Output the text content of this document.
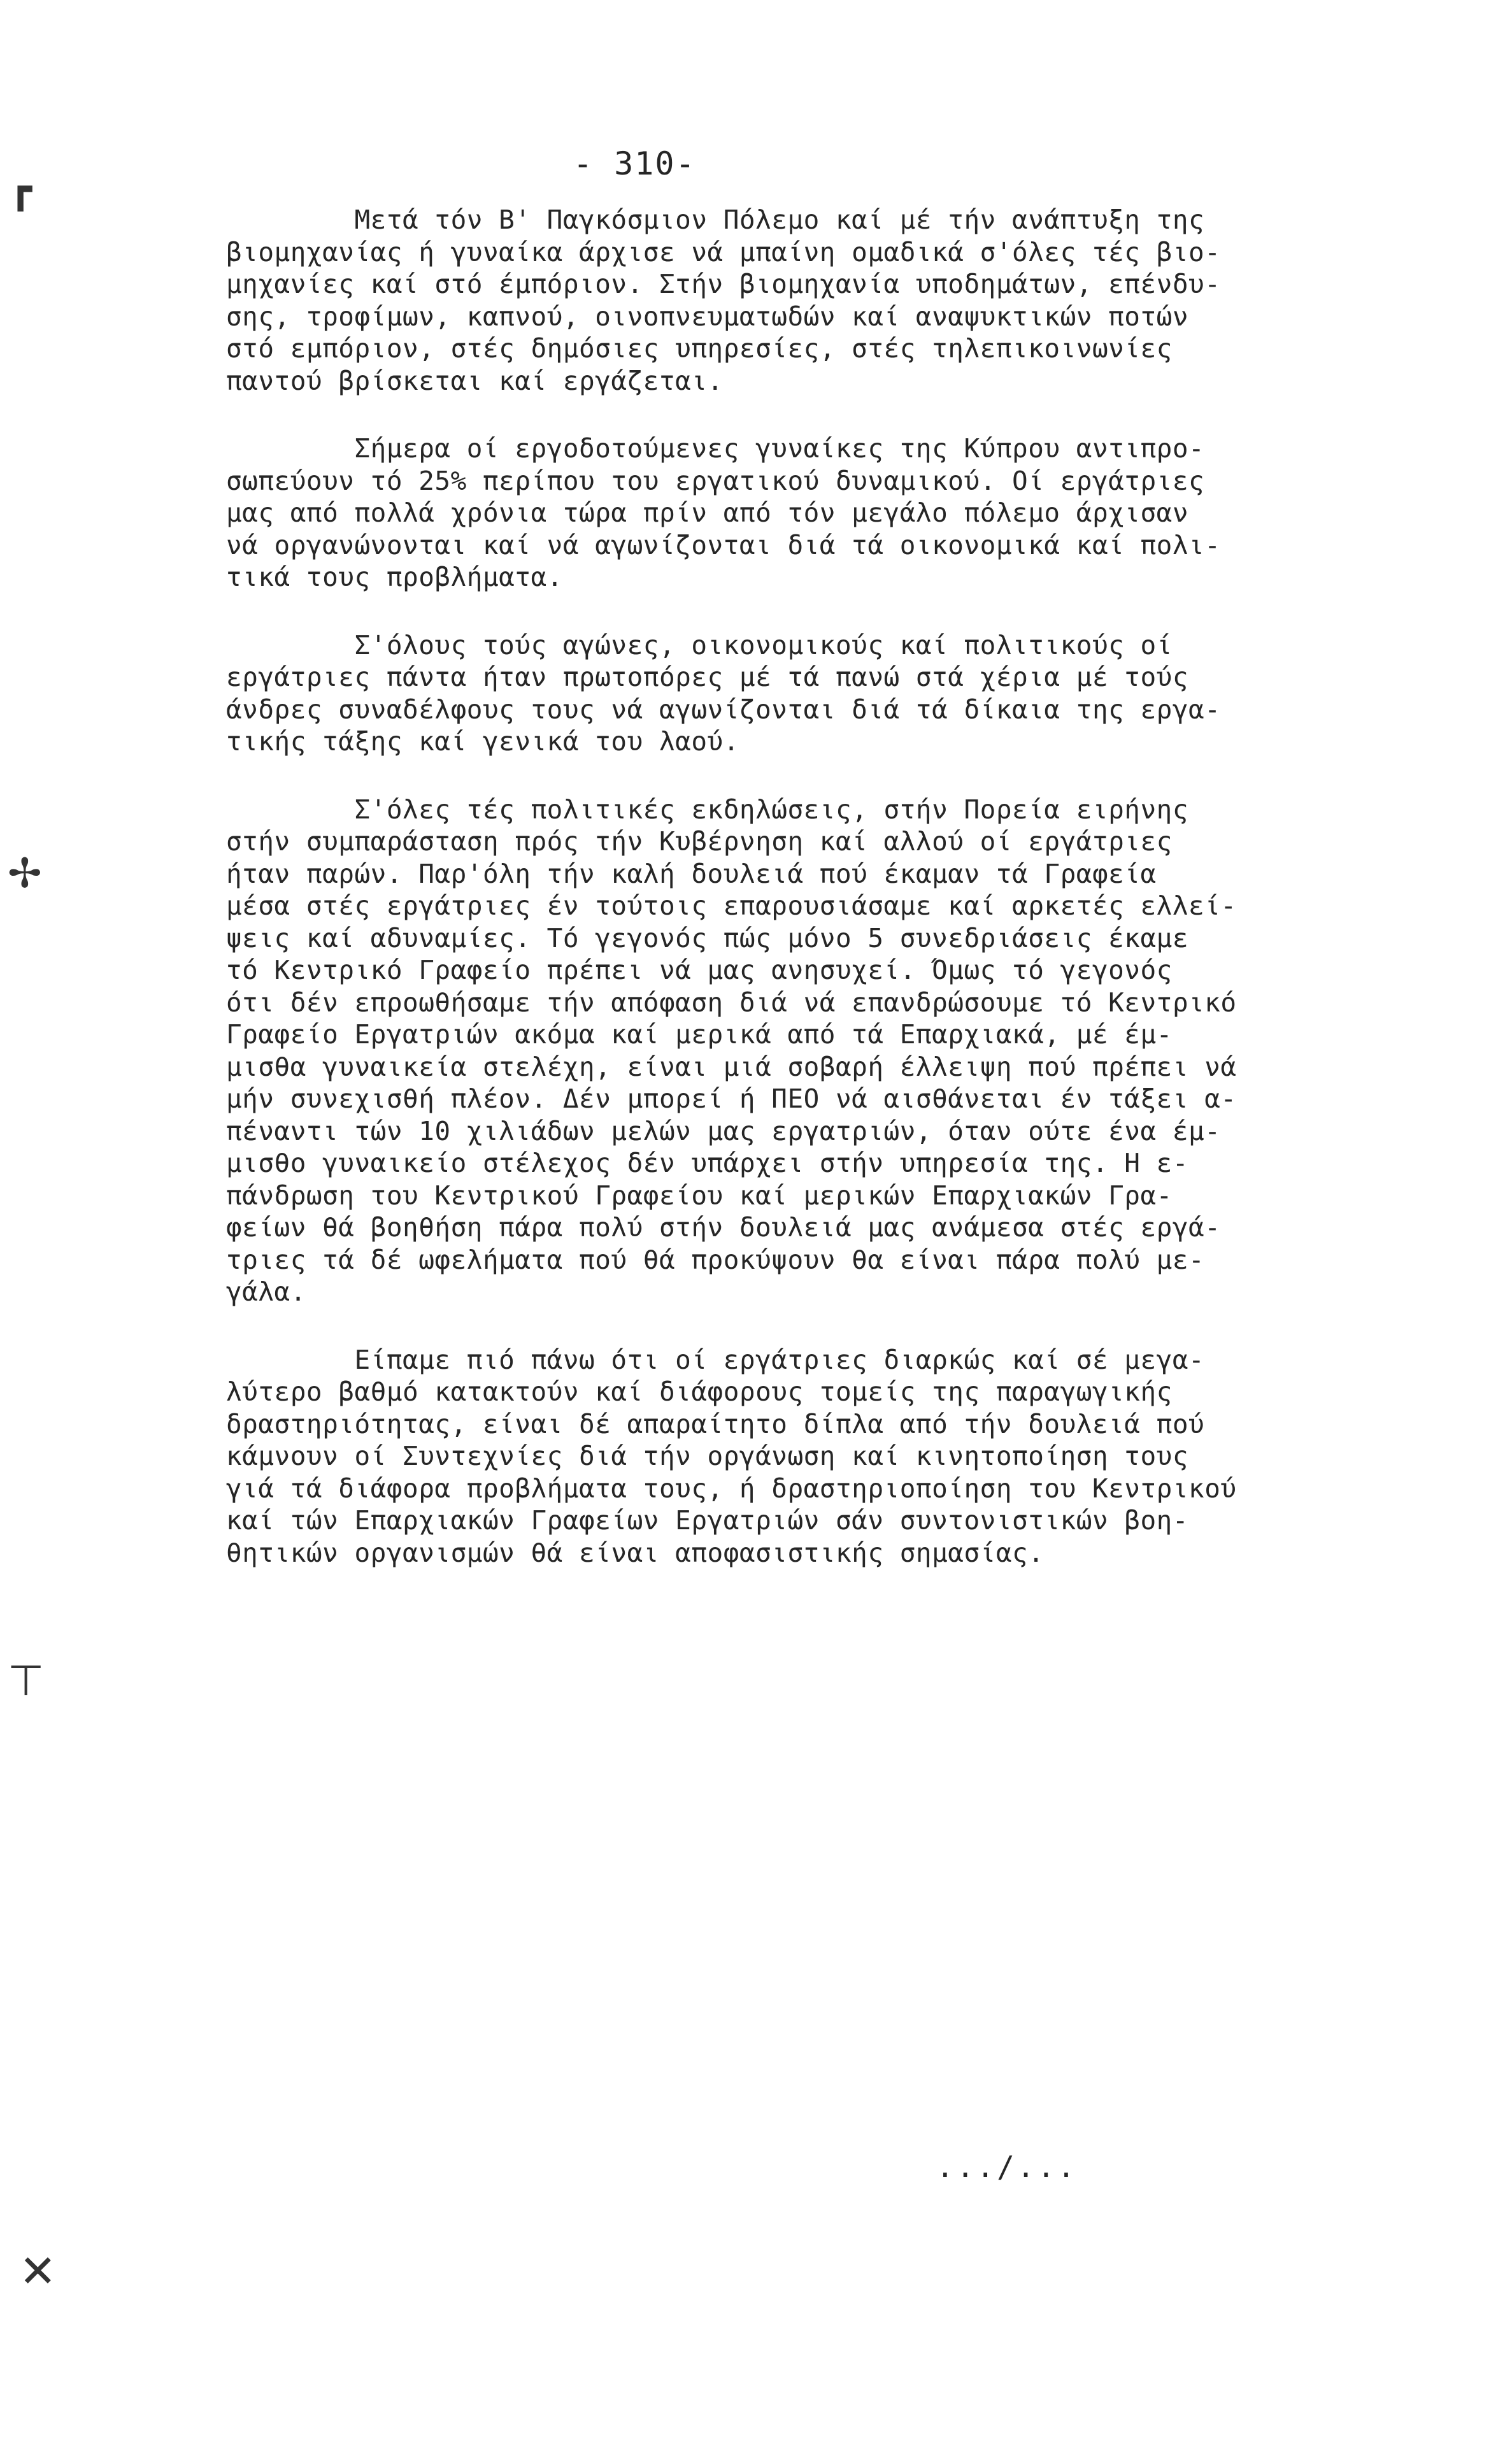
- 310-
┏
✢
⊤
✕
Μετά τόν Β' Παγκόσμιον Πόλεμο καί μέ τήν ανάπτυξη της
βιομηχανίας ή γυναίκα άρχισε νά μπαίνη ομαδικά σ'όλες τές βιο-
μηχανίες καί στό έμπόριον. Στήν βιομηχανία υποδημάτων, επένδυ-
σης, τροφίμων, καπνού, οινοπνευματωδών καί αναψυκτικών ποτών
στό εμπόριον, στές δημόσιες υπηρεσίες, στές τηλεπικοινωνίες
παντού βρίσκεται καί εργάζεται.
Σήμερα οί εργοδοτούμενες γυναίκες της Κύπρου αντιπρο-
σωπεύουν τό 25% περίπου του εργατικού δυναμικού. Οί εργάτριες
μας από πολλά χρόνια τώρα πρίν από τόν μεγάλο πόλεμο άρχισαν
νά οργανώνονται καί νά αγωνίζονται διά τά οικονομικά καί πολι-
τικά τους προβλήματα.
Σ'όλους τούς αγώνες, οικονομικούς καί πολιτικούς οί
εργάτριες πάντα ήταν πρωτοπόρες μέ τά πανώ στά χέρια μέ τούς
άνδρες συναδέλφους τους νά αγωνίζονται διά τά δίκαια της εργα-
τικής τάξης καί γενικά του λαού.
Σ'όλες τές πολιτικές εκδηλώσεις, στήν Πορεία ειρήνης
στήν συμπαράσταση πρός τήν Κυβέρνηση καί αλλού οί εργάτριες
ήταν παρών. Παρ'όλη τήν καλή δουλειά πού έκαμαν τά Γραφεία
μέσα στές εργάτριες έν τούτοις επαρουσιάσαμε καί αρκετές ελλεί-
ψεις καί αδυναμίες. Τό γεγονός πώς μόνο 5 συνεδριάσεις έκαμε
τό Κεντρικό Γραφείο πρέπει νά μας ανησυχεί. Όμως τό γεγονός
ότι δέν επροωθήσαμε τήν απόφαση διά νά επανδρώσουμε τό Κεντρικό
Γραφείο Εργατριών ακόμα καί μερικά από τά Επαρχιακά, μέ έμ-
μισθα γυναικεία στελέχη, είναι μιά σοβαρή έλλειψη πού πρέπει νά
μήν συνεχισθή πλέον. Δέν μπορεί ή ΠΕΟ νά αισθάνεται έν τάξει α-
πέναντι τών 10 χιλιάδων μελών μας εργατριών, όταν ούτε ένα έμ-
μισθο γυναικείο στέλεχος δέν υπάρχει στήν υπηρεσία της. Η ε-
πάνδρωση του Κεντρικού Γραφείου καί μερικών Επαρχιακών Γρα-
φείων θά βοηθήση πάρα πολύ στήν δουλειά μας ανάμεσα στές εργά-
τριες τά δέ ωφελήματα πού θά προκύψουν θα είναι πάρα πολύ με-
γάλα.
Είπαμε πιό πάνω ότι οί εργάτριες διαρκώς καί σέ μεγα-
λύτερο βαθμό κατακτούν καί διάφορους τομείς της παραγωγικής
δραστηριότητας, είναι δέ απαραίτητο δίπλα από τήν δουλειά πού
κάμνουν οί Συντεχνίες διά τήν οργάνωση καί κινητοποίηση τους
γιά τά διάφορα προβλήματα τους, ή δραστηριοποίηση του Κεντρικού
καί τών Επαρχιακών Γραφείων Εργατριών σάν συντονιστικών βοη-
θητικών οργανισμών θά είναι αποφασιστικής σημασίας.
.../...
